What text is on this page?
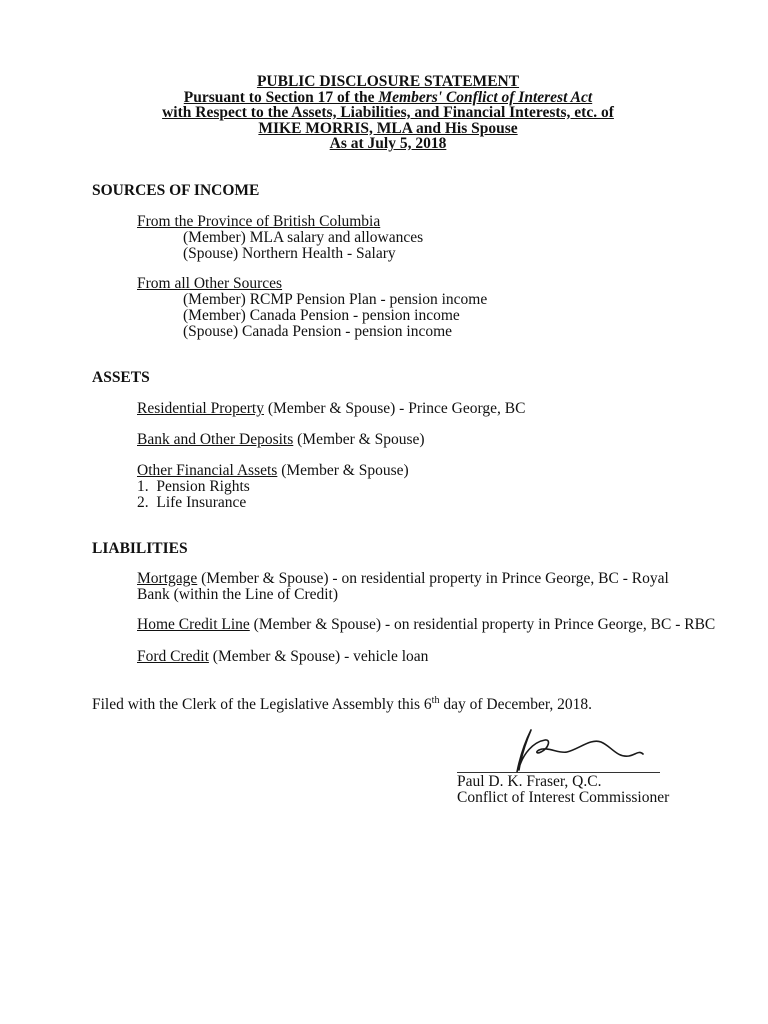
PUBLIC DISCLOSURE STATEMENT
Pursuant to Section 17 of the Members' Conflict of Interest Act
with Respect to the Assets, Liabilities, and Financial Interests, etc. of
MIKE MORRIS, MLA and His Spouse
As at July 5, 2018
SOURCES OF INCOME
From the Province of British Columbia
(Member) MLA salary and allowances
(Spouse) Northern Health - Salary
From all Other Sources
(Member) RCMP Pension Plan - pension income
(Member) Canada Pension - pension income
(Spouse) Canada Pension - pension income
ASSETS
Residential Property (Member & Spouse) - Prince George, BC
Bank and Other Deposits (Member & Spouse)
Other Financial Assets (Member & Spouse)
1.  Pension Rights
2.  Life Insurance
LIABILITIES
Mortgage (Member & Spouse) - on residential property in Prince George, BC - Royal
Bank (within the Line of Credit)
Home Credit Line (Member & Spouse) - on residential property in Prince George, BC - RBC
Ford Credit (Member & Spouse) - vehicle loan
Filed with the Clerk of the Legislative Assembly this 6th day of December, 2018.
Paul D. K. Fraser, Q.C.
Conflict of Interest Commissioner
